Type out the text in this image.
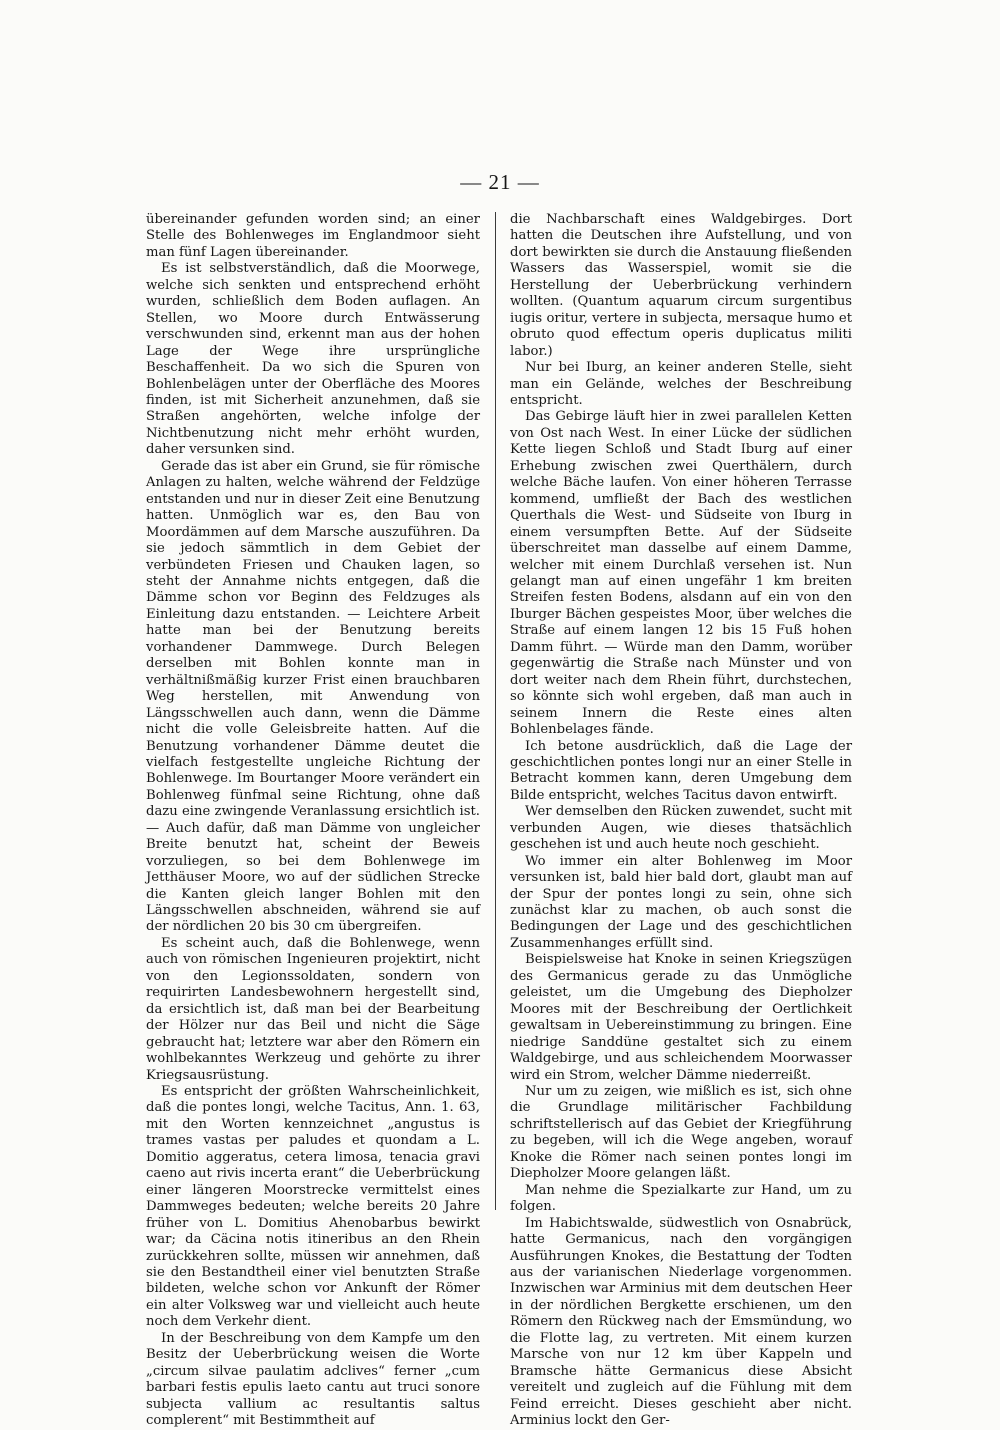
— 21 —

übereinander gefunden worden sind; an einer Stelle des Bohlenweges im Englandmoor sieht man fünf Lagen übereinander.

Es ist selbstverständlich, daß die Moorwege, welche sich senkten und entsprechend erhöht wurden, schließlich dem Boden auflagen. An Stellen, wo Moore durch Entwässerung verschwunden sind, erkennt man aus der hohen Lage der Wege ihre ursprüngliche Beschaffenheit. Da wo sich die Spuren von Bohlenbelägen unter der Oberfläche des Moores finden, ist mit Sicherheit anzunehmen, daß sie Straßen angehörten, welche infolge der Nichtbenutzung nicht mehr erhöht wurden, daher versunken sind.

Gerade das ist aber ein Grund, sie für römische Anlagen zu halten, welche während der Feldzüge entstanden und nur in dieser Zeit eine Benutzung hatten. Unmöglich war es, den Bau von Moordämmen auf dem Marsche auszuführen. Da sie jedoch sämmtlich in dem Gebiet der verbündeten Friesen und Chauken lagen, so steht der Annahme nichts entgegen, daß die Dämme schon vor Beginn des Feldzuges als Einleitung dazu entstanden. — Leichtere Arbeit hatte man bei der Benutzung bereits vorhandener Dammwege. Durch Belegen derselben mit Bohlen konnte man in verhältnißmäßig kurzer Frist einen brauchbaren Weg herstellen, mit Anwendung von Längsschwellen auch dann, wenn die Dämme nicht die volle Geleisbreite hatten. Auf die Benutzung vorhandener Dämme deutet die vielfach festgestellte ungleiche Richtung der Bohlenwege. Im Bourtanger Moore verändert ein Bohlenweg fünfmal seine Richtung, ohne daß dazu eine zwingende Veranlassung ersichtlich ist. — Auch dafür, daß man Dämme von ungleicher Breite benutzt hat, scheint der Beweis vorzuliegen, so bei dem Bohlenwege im Jetthäuser Moore, wo auf der südlichen Strecke die Kanten gleich langer Bohlen mit den Längsschwellen abschneiden, während sie auf der nördlichen 20 bis 30 cm übergreifen.

Es scheint auch, daß die Bohlenwege, wenn auch von römischen Ingenieuren projektirt, nicht von den Legionssoldaten, sondern von requirirten Landesbewohnern hergestellt sind, da ersichtlich ist, daß man bei der Bearbeitung der Hölzer nur das Beil und nicht die Säge gebraucht hat; letztere war aber den Römern ein wohlbekanntes Werkzeug und gehörte zu ihrer Kriegsausrüstung.

Es entspricht der größten Wahrscheinlichkeit, daß die pontes longi, welche Tacitus, Ann. 1. 63, mit den Worten kennzeichnet „angustus is trames vastas per paludes et quondam a L. Domitio aggeratus, cetera limosa, tenacia gravi caeno aut rivis incerta erant“ die Ueberbrückung einer längeren Moorstrecke vermittelst eines Dammweges bedeuten; welche bereits 20 Jahre früher von L. Domitius Ahenobarbus bewirkt war; da Cäcina notis itineribus an den Rhein zurückkehren sollte, müssen wir annehmen, daß sie den Bestandtheil einer viel benutzten Straße bildeten, welche schon vor Ankunft der Römer ein alter Volksweg war und vielleicht auch heute noch dem Verkehr dient.

In der Beschreibung von dem Kampfe um den Besitz der Ueberbrückung weisen die Worte „circum silvae paulatim adclives“ ferner „cum barbari festis epulis laeto cantu aut truci sonore subjecta vallium ac resultantis saltus complerent“ mit Bestimmtheit auf

die Nachbarschaft eines Waldgebirges. Dort hatten die Deutschen ihre Aufstellung, und von dort bewirkten sie durch die Anstauung fließenden Wassers das Wasserspiel, womit sie die Herstellung der Ueberbrückung verhindern wollten. (Quantum aquarum circum surgentibus iugis oritur, vertere in subjecta, mersaque humo et obruto quod effectum operis duplicatus militi labor.)

Nur bei Iburg, an keiner anderen Stelle, sieht man ein Gelände, welches der Beschreibung entspricht.

Das Gebirge läuft hier in zwei parallelen Ketten von Ost nach West. In einer Lücke der südlichen Kette liegen Schloß und Stadt Iburg auf einer Erhebung zwischen zwei Querthälern, durch welche Bäche laufen. Von einer höheren Terrasse kommend, umfließt der Bach des westlichen Querthals die West- und Südseite von Iburg in einem versumpften Bette. Auf der Südseite überschreitet man dasselbe auf einem Damme, welcher mit einem Durchlaß versehen ist. Nun gelangt man auf einen ungefähr 1 km breiten Streifen festen Bodens, alsdann auf ein von den Iburger Bächen gespeistes Moor, über welches die Straße auf einem langen 12 bis 15 Fuß hohen Damm führt. — Würde man den Damm, worüber gegenwärtig die Straße nach Münster und von dort weiter nach dem Rhein führt, durchstechen, so könnte sich wohl ergeben, daß man auch in seinem Innern die Reste eines alten Bohlenbelages fände.

Ich betone ausdrücklich, daß die Lage der geschichtlichen pontes longi nur an einer Stelle in Betracht kommen kann, deren Umgebung dem Bilde entspricht, welches Tacitus davon entwirft.

Wer demselben den Rücken zuwendet, sucht mit verbunden Augen, wie dieses thatsächlich geschehen ist und auch heute noch geschieht.

Wo immer ein alter Bohlenweg im Moor versunken ist, bald hier bald dort, glaubt man auf der Spur der pontes longi zu sein, ohne sich zunächst klar zu machen, ob auch sonst die Bedingungen der Lage und des geschichtlichen Zusammenhanges erfüllt sind.

Beispielsweise hat Knoke in seinen Kriegszügen des Germanicus gerade zu das Unmögliche geleistet, um die Umgebung des Diepholzer Moores mit der Beschreibung der Oertlichkeit gewaltsam in Uebereinstimmung zu bringen. Eine niedrige Sanddüne gestaltet sich zu einem Waldgebirge, und aus schleichendem Moorwasser wird ein Strom, welcher Dämme niederreißt.

Nur um zu zeigen, wie mißlich es ist, sich ohne die Grundlage militärischer Fachbildung schriftstellerisch auf das Gebiet der Kriegführung zu begeben, will ich die Wege angeben, worauf Knoke die Römer nach seinen pontes longi im Diepholzer Moore gelangen läßt.

Man nehme die Spezialkarte zur Hand, um zu folgen.

Im Habichtswalde, südwestlich von Osnabrück, hatte Germanicus, nach den vorgängigen Ausführungen Knokes, die Bestattung der Todten aus der varianischen Niederlage vorgenommen. Inzwischen war Arminius mit dem deutschen Heer in der nördlichen Bergkette erschienen, um den Römern den Rückweg nach der Emsmündung, wo die Flotte lag, zu vertreten. Mit einem kurzen Marsche von nur 12 km über Kappeln und Bramsche hätte Germanicus diese Absicht vereitelt und zugleich auf die Fühlung mit dem Feind erreicht. Dieses geschieht aber nicht. Arminius lockt den Ger-
